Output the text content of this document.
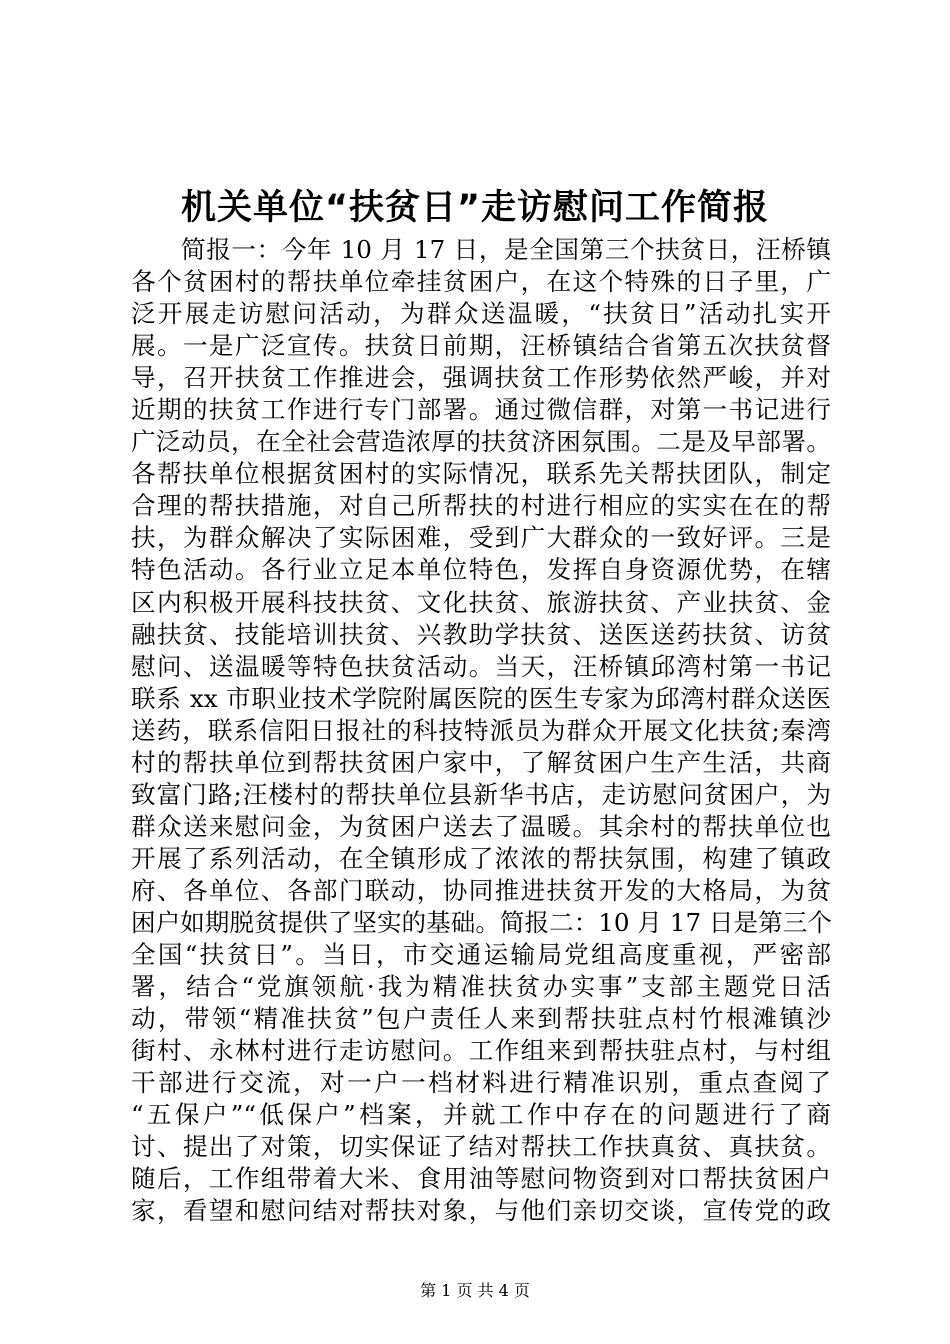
机关单位“扶贫日”走访慰问工作简报
简报一：今年 10 月 17 日，是全国第三个扶贫日，汪桥镇
各个贫困村的帮扶单位牵挂贫困户，在这个特殊的日子里，广
泛开展走访慰问活动，为群众送温暖，“扶贫日”活动扎实开
展。一是广泛宣传。扶贫日前期，汪桥镇结合省第五次扶贫督
导，召开扶贫工作推进会，强调扶贫工作形势依然严峻，并对
近期的扶贫工作进行专门部署。通过微信群，对第一书记进行
广泛动员，在全社会营造浓厚的扶贫济困氛围。二是及早部署。
各帮扶单位根据贫困村的实际情况，联系先关帮扶团队，制定
合理的帮扶措施，对自己所帮扶的村进行相应的实实在在的帮
扶，为群众解决了实际困难，受到广大群众的一致好评。三是
特色活动。各行业立足本单位特色，发挥自身资源优势，在辖
区内积极开展科技扶贫、文化扶贫、旅游扶贫、产业扶贫、金
融扶贫、技能培训扶贫、兴教助学扶贫、送医送药扶贫、访贫
慰问、送温暖等特色扶贫活动。当天，汪桥镇邱湾村第一书记
联系 xx 市职业技术学院附属医院的医生专家为邱湾村群众送医
送药，联系信阳日报社的科技特派员为群众开展文化扶贫;秦湾
村的帮扶单位到帮扶贫困户家中，了解贫困户生产生活，共商
致富门路;汪楼村的帮扶单位县新华书店，走访慰问贫困户，为
群众送来慰问金，为贫困户送去了温暖。其余村的帮扶单位也
开展了系列活动，在全镇形成了浓浓的帮扶氛围，构建了镇政
府、各单位、各部门联动，协同推进扶贫开发的大格局，为贫
困户如期脱贫提供了坚实的基础。简报二：10 月 17 日是第三个
全国“扶贫日”。当日，市交通运输局党组高度重视，严密部
署，结合“党旗领航·我为精准扶贫办实事”支部主题党日活
动，带领“精准扶贫”包户责任人来到帮扶驻点村竹根滩镇沙
街村、永林村进行走访慰问。工作组来到帮扶驻点村，与村组
干部进行交流，对一户一档材料进行精准识别，重点查阅了
“五保户”“低保户”档案，并就工作中存在的问题进行了商
讨、提出了对策，切实保证了结对帮扶工作扶真贫、真扶贫。
随后，工作组带着大米、食用油等慰问物资到对口帮扶贫困户
家，看望和慰问结对帮扶对象，与他们亲切交谈，宣传党的政
第 1 页 共 4 页
